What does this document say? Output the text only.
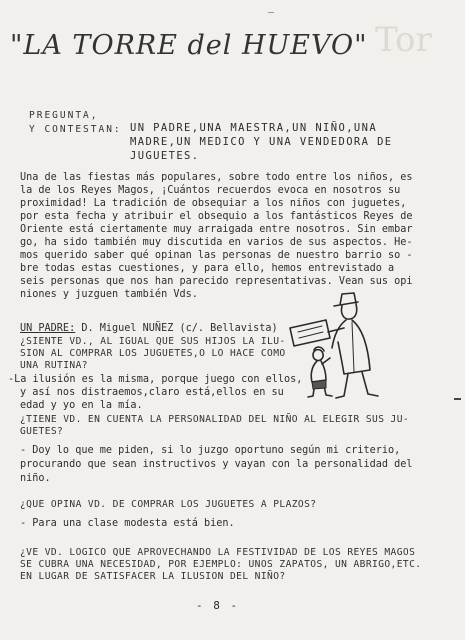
"LA TORRE del HUEVO" Tor
PREGUNTA,
Y CONTESTAN: UN PADRE,UNA MAESTRA,UN NIÑO,UNA MADRE,UN MEDICO Y UNA VENDEDORA DE JUGUETES.
Una de las fiestas más populares, sobre todo entre los niños, es
la de los Reyes Magos, ¡Cuántos recuerdos evoca en nosotros su
proximidad! La tradición de obsequiar a los niños con juguetes,
por esta fecha y atribuir el obsequio a los fantásticos Reyes de
Oriente está ciertamente muy arraigada entre nosotros. Sin embar
go, ha sido también muy discutida en varios de sus aspectos. He-
mos querido saber qué opinan las personas de nuestro barrio so -
bre todas estas cuestiones, y para ello, hemos entrevistado a
seis personas que nos han parecido representativas. Vean sus opi
niones y juzguen también Vds.
UN PADRE: D. Miguel NUÑEZ (c/. Bellavista)
¿SIENTE VD., AL IGUAL QUE SUS HIJOS LA ILU-
SION AL COMPRAR LOS JUGUETES,O LO HACE COMO
UNA RUTINA?
-La ilusión es la misma, porque juego con ellos,
y así nos distraemos,claro está,ellos en su
edad y yo en la mía.
¿TIENE VD. EN CUENTA LA PERSONALIDAD DEL NIÑO AL ELEGIR SUS JU-
GUETES?
- Doy lo que me piden, si lo juzgo oportuno según mi criterio,
procurando que sean instructivos y vayan con la personalidad del
niño.
¿QUE OPINA VD. DE COMPRAR LOS JUGUETES A PLAZOS?
- Para una clase modesta está bien.
¿VE VD. LOGICO QUE APROVECHANDO LA FESTIVIDAD DE LOS REYES MAGOS
SE CUBRA UNA NECESIDAD, POR EJEMPLO: UNOS ZAPATOS, UN ABRIGO,ETC.
EN LUGAR DE SATISFACER LA ILUSION DEL NIÑO?
- 8 -
